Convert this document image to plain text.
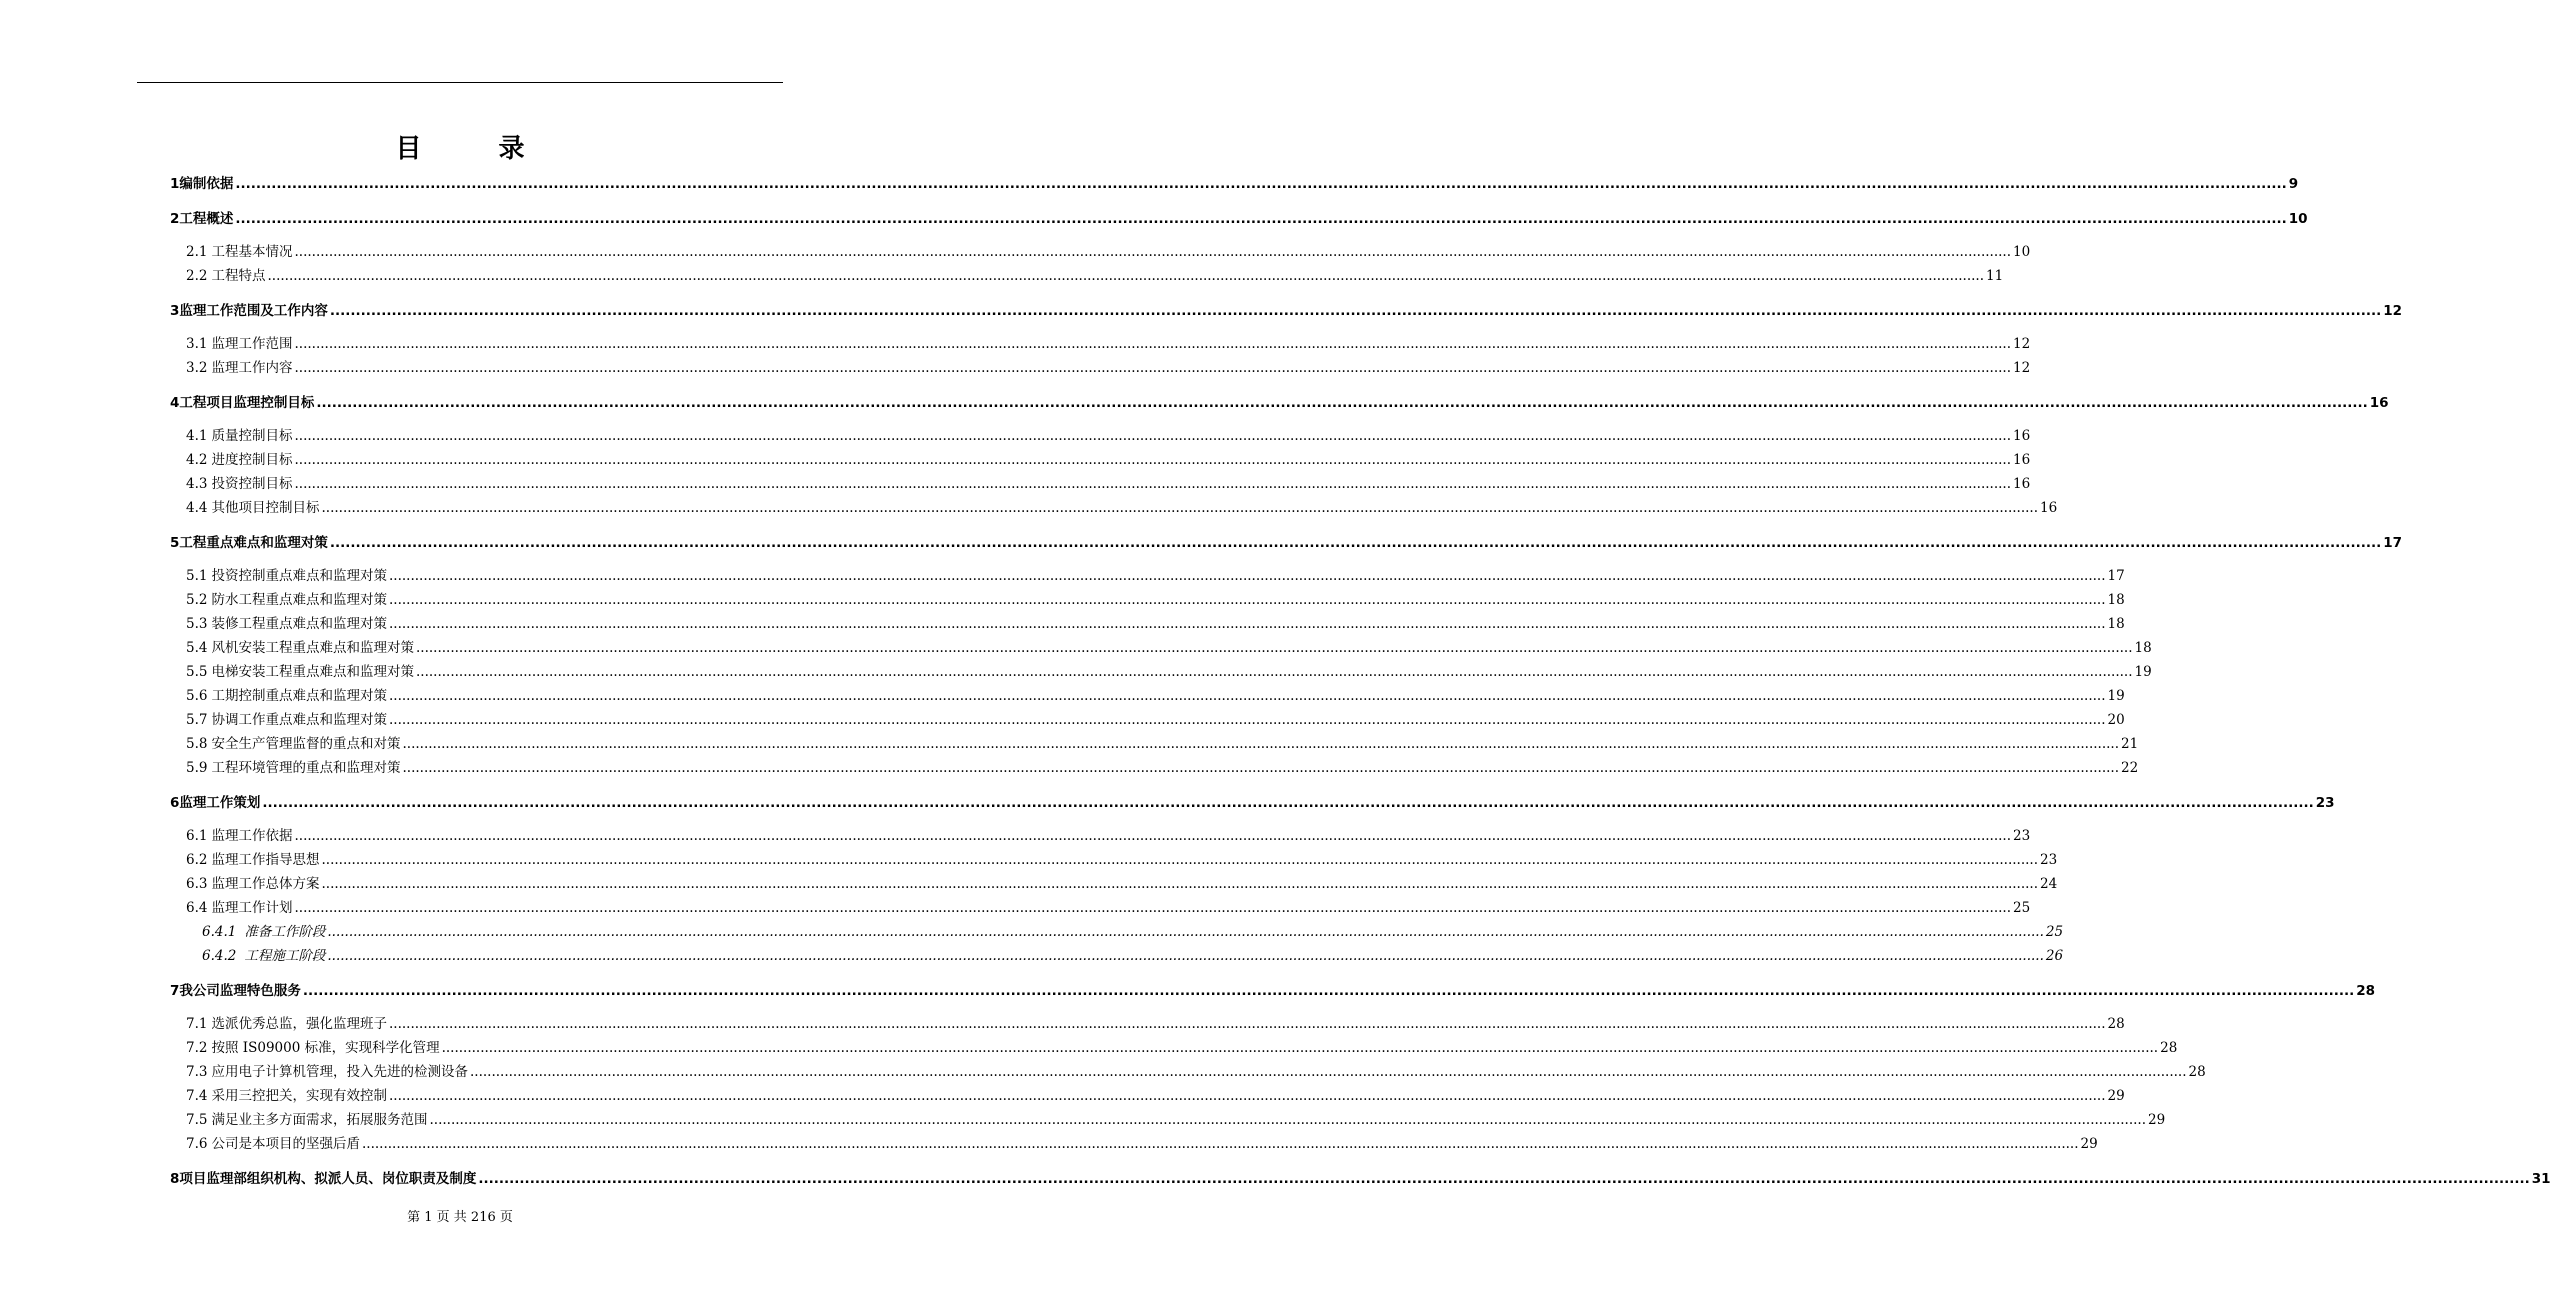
目 录
1 编制依据 ................................................................................................................................................................................................................................................................................................................................................................................................................ 9
2 工程概述 ................................................................................................................................................................................................................................................................................................................................................................................................................ 10
2.1 工程基本情况 ................................................................................................................................................................................................................................................................................................................................................................................................................ 10
2.2 工程特点 ................................................................................................................................................................................................................................................................................................................................................................................................................ 11
3 监理工作范围及工作内容 ................................................................................................................................................................................................................................................................................................................................................................................................................ 12
3.1 监理工作范围 ................................................................................................................................................................................................................................................................................................................................................................................................................ 12
3.2 监理工作内容 ................................................................................................................................................................................................................................................................................................................................................................................................................ 12
4 工程项目监理控制目标 ................................................................................................................................................................................................................................................................................................................................................................................................................ 16
4.1 质量控制目标 ................................................................................................................................................................................................................................................................................................................................................................................................................ 16
4.2 进度控制目标 ................................................................................................................................................................................................................................................................................................................................................................................................................ 16
4.3 投资控制目标 ................................................................................................................................................................................................................................................................................................................................................................................................................ 16
4.4 其他项目控制目标 ................................................................................................................................................................................................................................................................................................................................................................................................................ 16
5 工程重点难点和监理对策 ................................................................................................................................................................................................................................................................................................................................................................................................................ 17
5.1 投资控制重点难点和监理对策 ................................................................................................................................................................................................................................................................................................................................................................................................................ 17
5.2 防水工程重点难点和监理对策 ................................................................................................................................................................................................................................................................................................................................................................................................................ 18
5.3 装修工程重点难点和监理对策 ................................................................................................................................................................................................................................................................................................................................................................................................................ 18
5.4 风机安装工程重点难点和监理对策 ................................................................................................................................................................................................................................................................................................................................................................................................................ 18
5.5 电梯安装工程重点难点和监理对策 ................................................................................................................................................................................................................................................................................................................................................................................................................ 19
5.6 工期控制重点难点和监理对策 ................................................................................................................................................................................................................................................................................................................................................................................................................ 19
5.7 协调工作重点难点和监理对策 ................................................................................................................................................................................................................................................................................................................................................................................................................ 20
5.8 安全生产管理监督的重点和对策 ................................................................................................................................................................................................................................................................................................................................................................................................................ 21
5.9 工程环境管理的重点和监理对策 ................................................................................................................................................................................................................................................................................................................................................................................................................ 22
6 监理工作策划 ................................................................................................................................................................................................................................................................................................................................................................................................................ 23
6.1 监理工作依据 ................................................................................................................................................................................................................................................................................................................................................................................................................ 23
6.2 监理工作指导思想 ................................................................................................................................................................................................................................................................................................................................................................................................................ 23
6.3 监理工作总体方案 ................................................................................................................................................................................................................................................................................................................................................................................................................ 24
6.4 监理工作计划 ................................................................................................................................................................................................................................................................................................................................................................................................................ 25
6.4.1 准备工作阶段 ................................................................................................................................................................................................................................................................................................................................................................................................................ 25
6.4.2 工程施工阶段 ................................................................................................................................................................................................................................................................................................................................................................................................................ 26
7 我公司监理特色服务 ................................................................................................................................................................................................................................................................................................................................................................................................................ 28
7.1 选派优秀总监，强化监理班子 ................................................................................................................................................................................................................................................................................................................................................................................................................ 28
7.2 按照 IS09000 标准，实现科学化管理 ................................................................................................................................................................................................................................................................................................................................................................................................................ 28
7.3 应用电子计算机管理，投入先进的检测设备 ................................................................................................................................................................................................................................................................................................................................................................................................................ 28
7.4 采用三控把关，实现有效控制 ................................................................................................................................................................................................................................................................................................................................................................................................................ 29
7.5 满足业主多方面需求，拓展服务范围 ................................................................................................................................................................................................................................................................................................................................................................................................................ 29
7.6 公司是本项目的坚强后盾 ................................................................................................................................................................................................................................................................................................................................................................................................................ 29
8 项目监理部组织机构、拟派人员、岗位职责及制度 ................................................................................................................................................................................................................................................................................................................................................................................................................ 31
第 1 页 共 216 页
